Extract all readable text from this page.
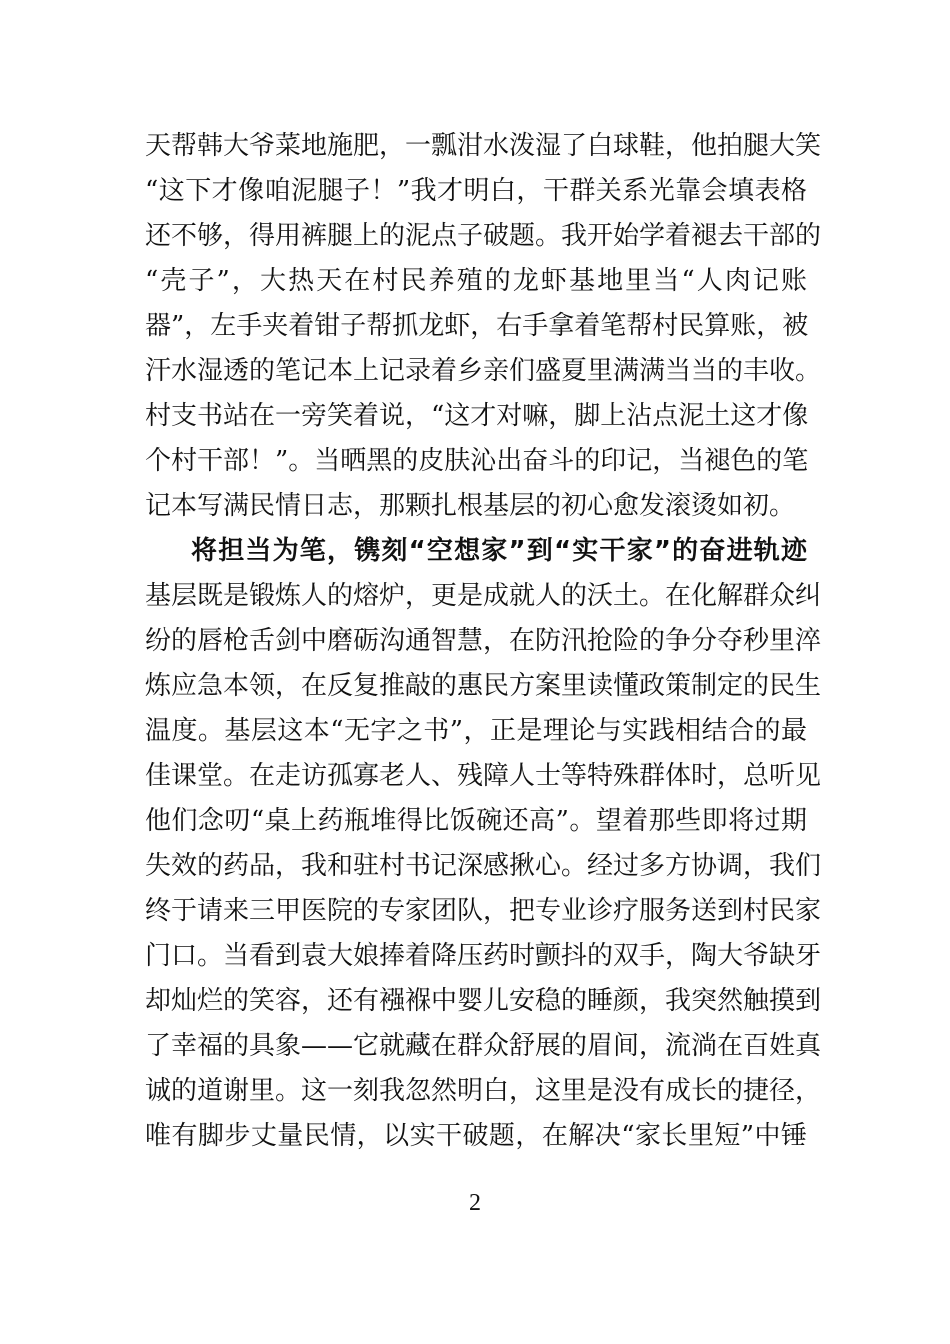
天帮韩大爷菜地施肥，一瓢泔水泼湿了白球鞋，他拍腿大笑
“这下才像咱泥腿子！”我才明白，干群关系光靠会填表格
还不够，得用裤腿上的泥点子破题。我开始学着褪去干部的
“壳子”，大热天在村民养殖的龙虾基地里当“人肉记账
器”，左手夹着钳子帮抓龙虾，右手拿着笔帮村民算账，被
汗水湿透的笔记本上记录着乡亲们盛夏里满满当当的丰收。
村支书站在一旁笑着说，“这才对嘛，脚上沾点泥土这才像
个村干部！”。当晒黑的皮肤沁出奋斗的印记，当褪色的笔
记本写满民情日志，那颗扎根基层的初心愈发滚烫如初。
将担当为笔，镌刻“空想家”到“实干家”的奋进轨迹
基层既是锻炼人的熔炉，更是成就人的沃土。在化解群众纠
纷的唇枪舌剑中磨砺沟通智慧，在防汛抢险的争分夺秒里淬
炼应急本领，在反复推敲的惠民方案里读懂政策制定的民生
温度。基层这本“无字之书”，正是理论与实践相结合的最
佳课堂。在走访孤寡老人、残障人士等特殊群体时，总听见
他们念叨“桌上药瓶堆得比饭碗还高”。望着那些即将过期
失效的药品，我和驻村书记深感揪心。经过多方协调，我们
终于请来三甲医院的专家团队，把专业诊疗服务送到村民家
门口。当看到袁大娘捧着降压药时颤抖的双手，陶大爷缺牙
却灿烂的笑容，还有襁褓中婴儿安稳的睡颜，我突然触摸到
了幸福的具象——它就藏在群众舒展的眉间，流淌在百姓真
诚的道谢里。这一刻我忽然明白，这里是没有成长的捷径，
唯有脚步丈量民情，以实干破题，在解决“家长里短”中锤
2
